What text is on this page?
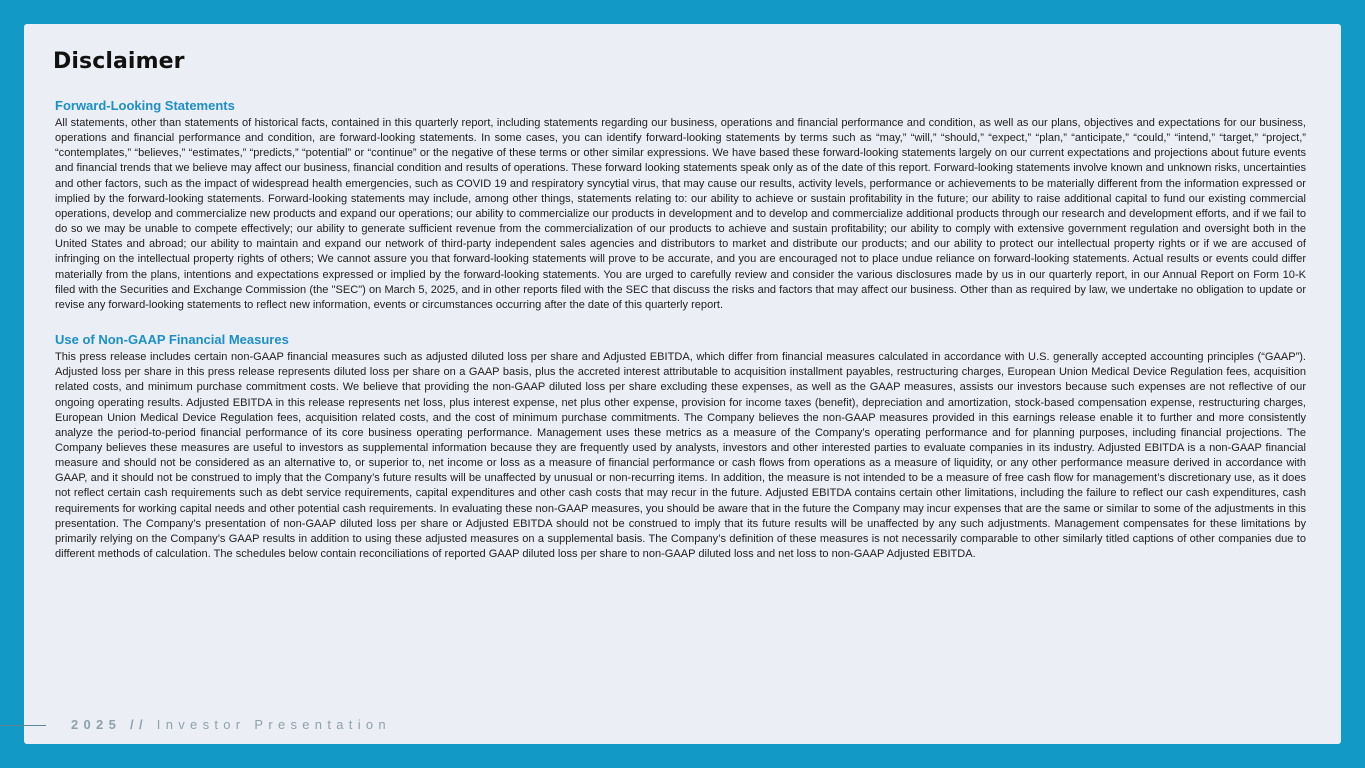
Disclaimer
Forward-Looking Statements

All statements, other than statements of historical facts, contained in this quarterly report, including statements regarding our business, operations and financial performance and condition, as well as our plans, objectives and expectations for our business, operations and financial performance and condition, are forward-looking statements. In some cases, you can identify forward-looking statements by terms such as “may,” “will,” “should,” “expect,” “plan,” “anticipate,” “could,” “intend,” “target,” “project,” “contemplates,” “believes,” “estimates,” “predicts,” “potential” or “continue” or the negative of these terms or other similar expressions. We have based these forward-looking statements largely on our current expectations and projections about future events and financial trends that we believe may affect our business, financial condition and results of operations. These forward looking statements speak only as of the date of this report. Forward-looking statements involve known and unknown risks, uncertainties and other factors, such as the impact of widespread health emergencies, such as COVID 19 and respiratory syncytial virus, that may cause our results, activity levels, performance or achievements to be materially different from the information expressed or implied by the forward-looking statements. Forward-looking statements may include, among other things, statements relating to: our ability to achieve or sustain profitability in the future; our ability to raise additional capital to fund our existing commercial operations, develop and commercialize new products and expand our operations; our ability to commercialize our products in development and to develop and commercialize additional products through our research and development efforts, and if we fail to do so we may be unable to compete effectively; our ability to generate sufficient revenue from the commercialization of our products to achieve and sustain profitability; our ability to comply with extensive government regulation and oversight both in the United States and abroad; our ability to maintain and expand our network of third-party independent sales agencies and distributors to market and distribute our products; and our ability to protect our intellectual property rights or if we are accused of infringing on the intellectual property rights of others; We cannot assure you that forward-looking statements will prove to be accurate, and you are encouraged not to place undue reliance on forward-looking statements. Actual results or events could differ materially from the plans, intentions and expectations expressed or implied by the forward-looking statements. You are urged to carefully review and consider the various disclosures made by us in our quarterly report, in our Annual Report on Form 10-K filed with the Securities and Exchange Commission (the "SEC") on March 5, 2025, and in other reports filed with the SEC that discuss the risks and factors that may affect our business. Other than as required by law, we undertake no obligation to update or revise any forward-looking statements to reflect new information, events or circumstances occurring after the date of this quarterly report.

Use of Non-GAAP Financial Measures

This press release includes certain non-GAAP financial measures such as adjusted diluted loss per share and Adjusted EBITDA, which differ from financial measures calculated in accordance with U.S. generally accepted accounting principles (“GAAP”). Adjusted loss per share in this press release represents diluted loss per share on a GAAP basis, plus the accreted interest attributable to acquisition installment payables, restructuring charges, European Union Medical Device Regulation fees, acquisition related costs, and minimum purchase commitment costs. We believe that providing the non-GAAP diluted loss per share excluding these expenses, as well as the GAAP measures, assists our investors because such expenses are not reflective of our ongoing operating results. Adjusted EBITDA in this release represents net loss, plus interest expense, net plus other expense, provision for income taxes (benefit), depreciation and amortization, stock-based compensation expense, restructuring charges, European Union Medical Device Regulation fees, acquisition related costs, and the cost of minimum purchase commitments. The Company believes the non-GAAP measures provided in this earnings release enable it to further and more consistently analyze the period-to-period financial performance of its core business operating performance. Management uses these metrics as a measure of the Company’s operating performance and for planning purposes, including financial projections. The Company believes these measures are useful to investors as supplemental information because they are frequently used by analysts, investors and other interested parties to evaluate companies in its industry. Adjusted EBITDA is a non-GAAP financial measure and should not be considered as an alternative to, or superior to, net income or loss as a measure of financial performance or cash flows from operations as a measure of liquidity, or any other performance measure derived in accordance with GAAP, and it should not be construed to imply that the Company’s future results will be unaffected by unusual or non-recurring items. In addition, the measure is not intended to be a measure of free cash flow for management’s discretionary use, as it does not reflect certain cash requirements such as debt service requirements, capital expenditures and other cash costs that may recur in the future. Adjusted EBITDA contains certain other limitations, including the failure to reflect our cash expenditures, cash requirements for working capital needs and other potential cash requirements. In evaluating these non-GAAP measures, you should be aware that in the future the Company may incur expenses that are the same or similar to some of the adjustments in this presentation. The Company’s presentation of non-GAAP diluted loss per share or Adjusted EBITDA should not be construed to imply that its future results will be unaffected by any such adjustments. Management compensates for these limitations by primarily relying on the Company’s GAAP results in addition to using these adjusted measures on a supplemental basis. The Company’s definition of these measures is not necessarily comparable to other similarly titled captions of other companies due to different methods of calculation. The schedules below contain reconciliations of reported GAAP diluted loss per share to non-GAAP diluted loss and net loss to non-GAAP Adjusted EBITDA.

2025 // Investor Presentation
